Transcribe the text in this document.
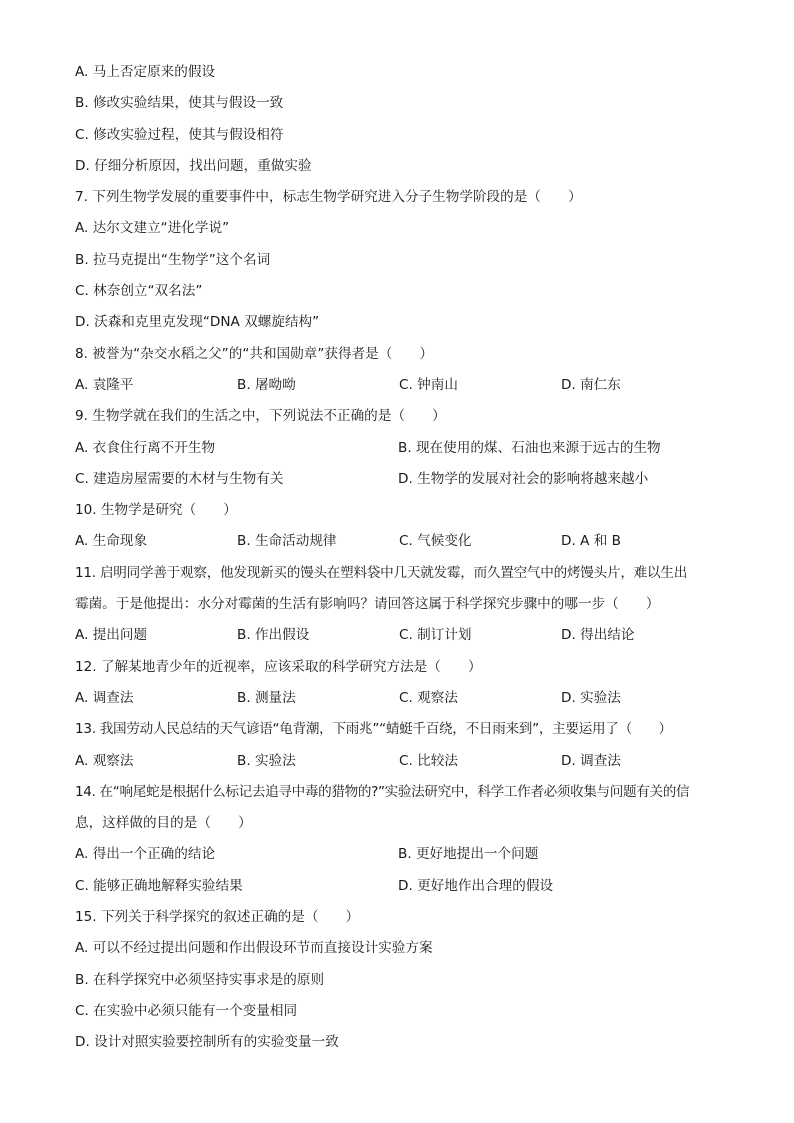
A. 马上否定原来的假设
B. 修改实验结果，使其与假设一致
C. 修改实验过程，使其与假设相符
D. 仔细分析原因，找出问题，重做实验
7. 下列生物学发展的重要事件中，标志生物学研究进入分子生物学阶段的是（　　）
A. 达尔文建立“进化学说”
B. 拉马克提出“生物学”这个名词
C. 林奈创立“双名法”
D. 沃森和克里克发现“DNA 双螺旋结构”
8. 被誉为“杂交水稻之父”的“共和国勋章”获得者是（　　）
A. 袁隆平	B. 屠呦呦	C. 钟南山	D. 南仁东
9. 生物学就在我们的生活之中，下列说法不正确的是（　　）
A. 衣食住行离不开生物	B. 现在使用的煤、石油也来源于远古的生物
C. 建造房屋需要的木材与生物有关	D. 生物学的发展对社会的影响将越来越小
10. 生物学是研究（　　）
A. 生命现象	B. 生命活动规律	C. 气候变化	D. A 和 B
11. 启明同学善于观察，他发现新买的馒头在塑料袋中几天就发霉，而久置空气中的烤馒头片，难以生出
霉菌。于是他提出：水分对霉菌的生活有影响吗？请回答这属于科学探究步骤中的哪一步（　　）
A. 提出问题	B. 作出假设	C. 制订计划	D. 得出结论
12. 了解某地青少年的近视率，应该采取的科学研究方法是（　　）
A. 调查法	B. 测量法	C. 观察法	D. 实验法
13. 我国劳动人民总结的天气谚语“龟背潮，下雨兆”“蜻蜓千百绕，不日雨来到”，主要运用了（　　）
A. 观察法	B. 实验法	C. 比较法	D. 调查法
14. 在“响尾蛇是根据什么标记去追寻中毒的猎物的?”实验法研究中，科学工作者必须收集与问题有关的信
息，这样做的目的是（　　）
A. 得出一个正确的结论	B. 更好地提出一个问题
C. 能够正确地解释实验结果	D. 更好地作出合理的假设
15. 下列关于科学探究的叙述正确的是（　　）
A. 可以不经过提出问题和作出假设环节而直接设计实验方案
B. 在科学探究中必须坚持实事求是的原则
C. 在实验中必须只能有一个变量相同
D. 设计对照实验要控制所有的实验变量一致
